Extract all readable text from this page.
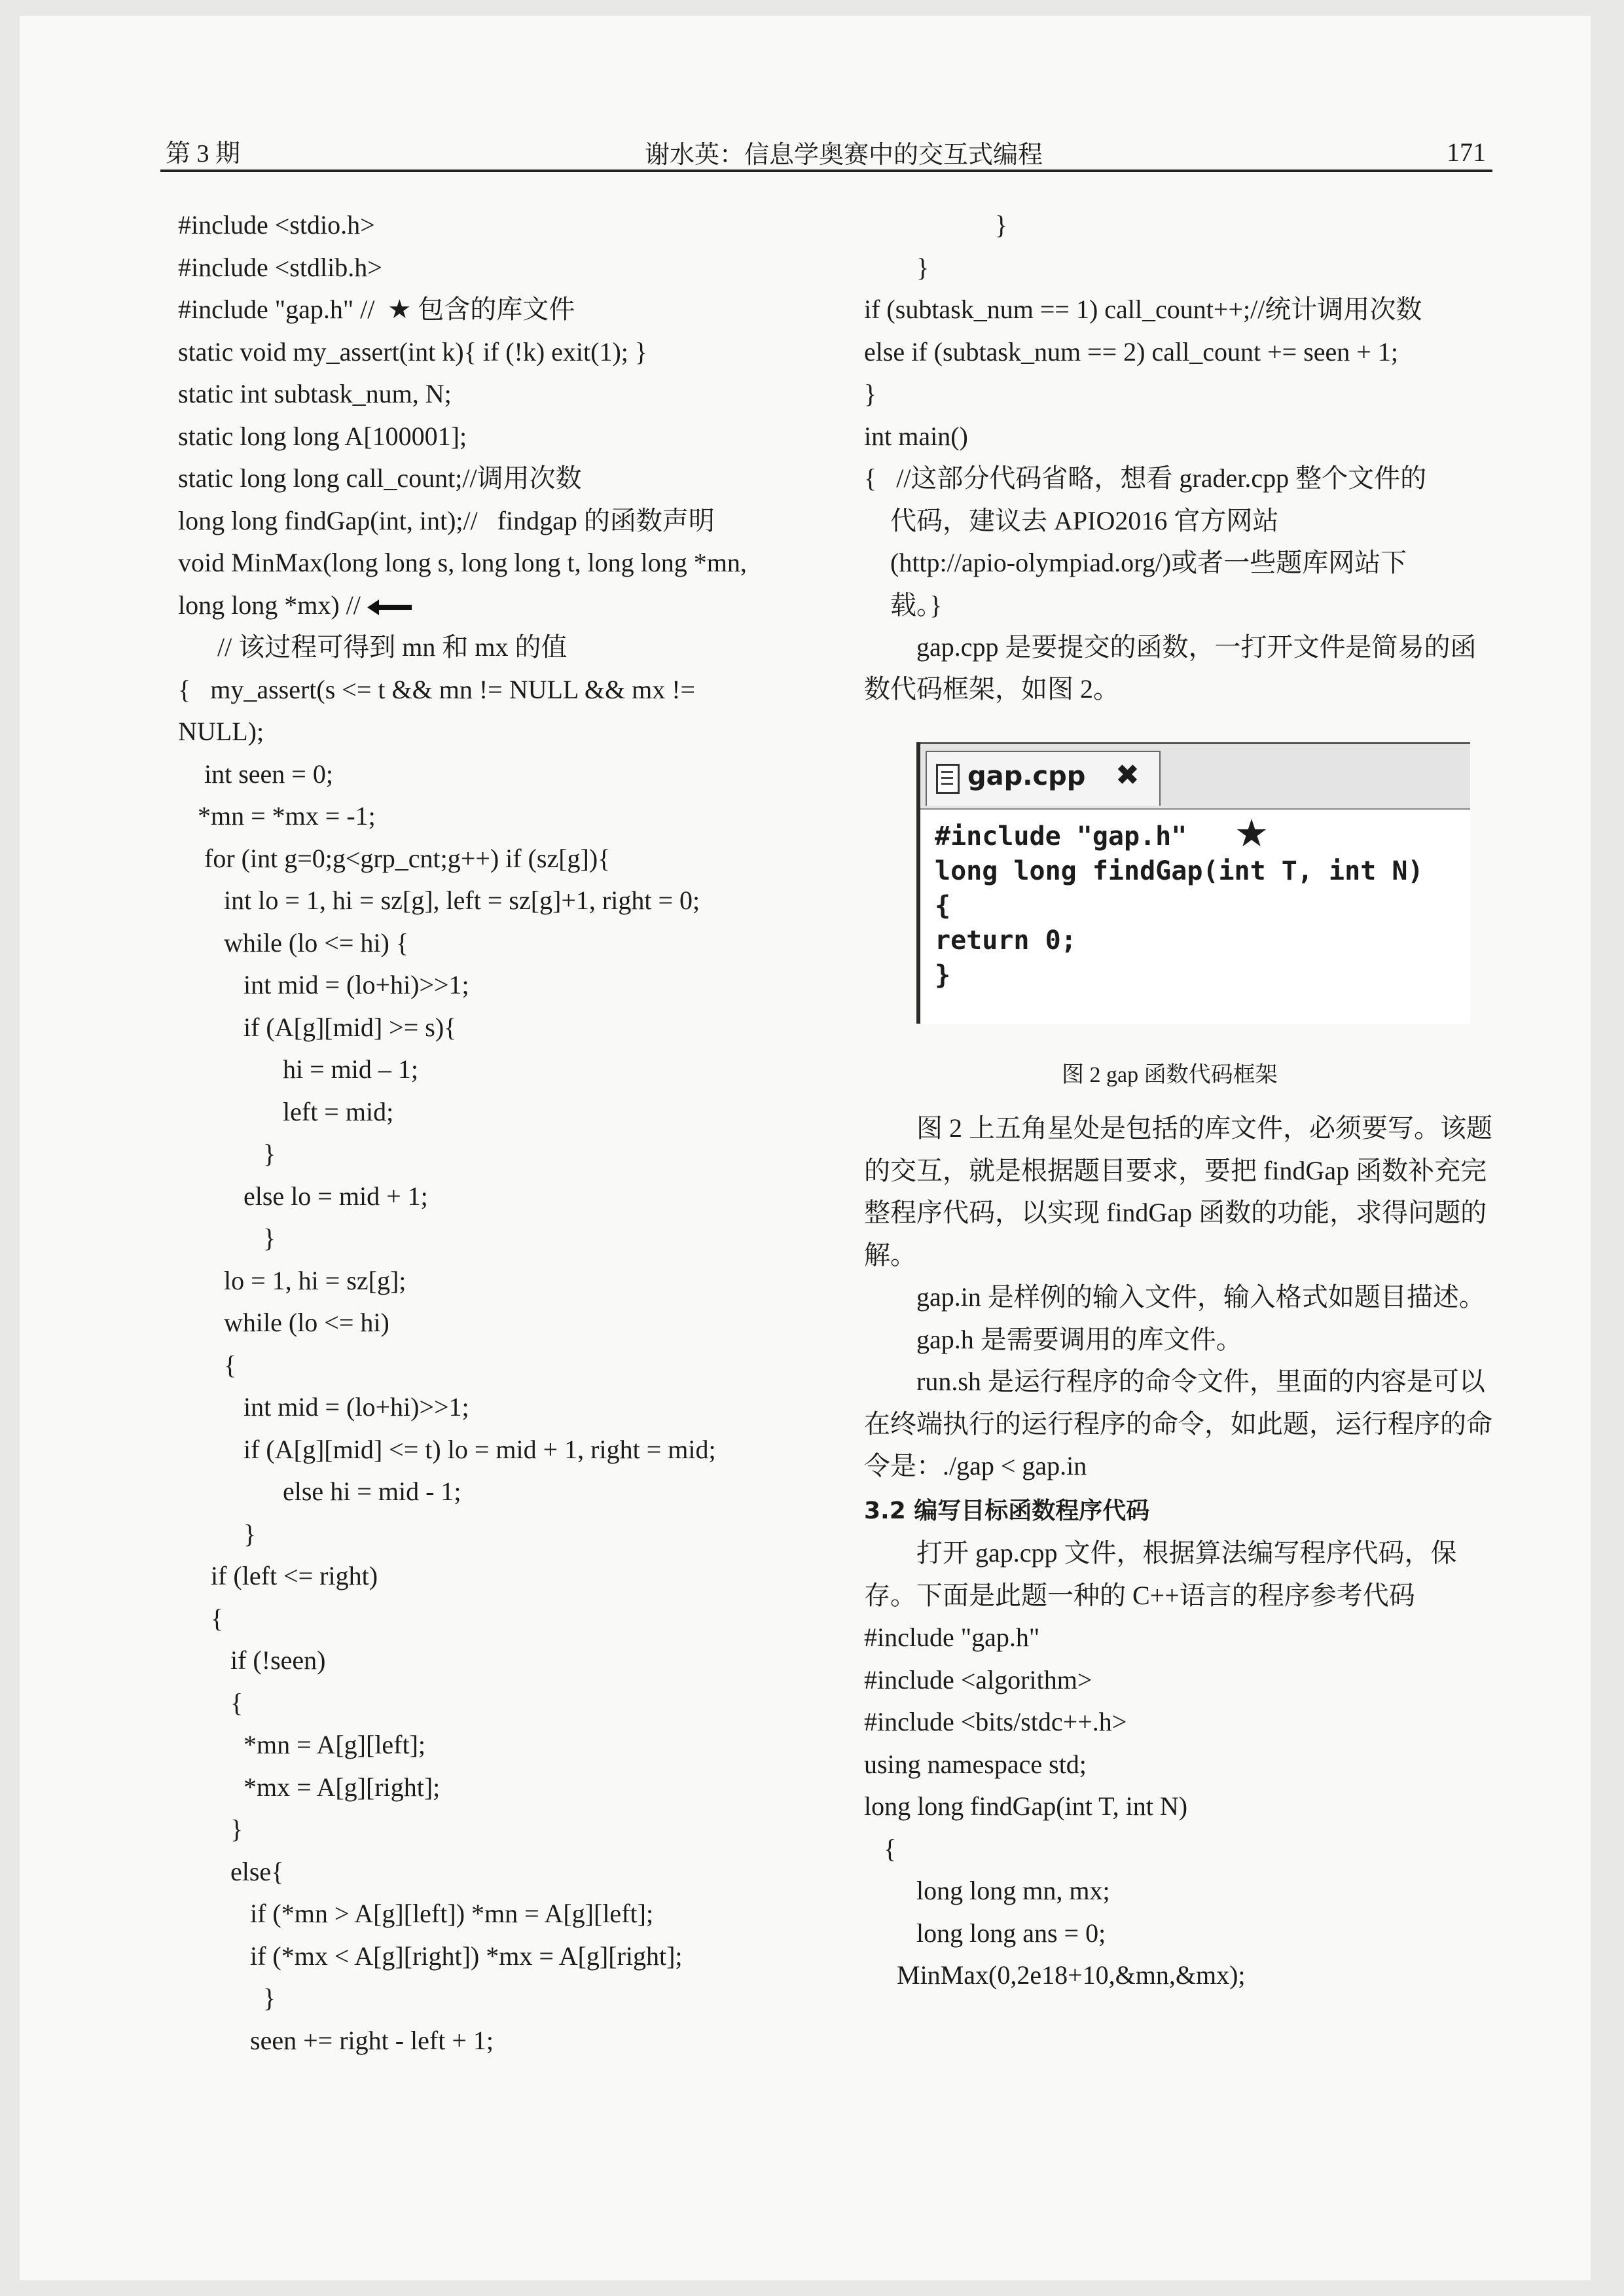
第 3 期	谢水英：信息学奥赛中的交互式编程	171
#include <stdio.h>
#include <stdlib.h>
#include "gap.h" //  ★ 包含的库文件
static void my_assert(int k){ if (!k) exit(1); }
static int subtask_num, N;
static long long A[100001];
static long long call_count;//调用次数
long long findGap(int, int);//   findgap 的函数声明
void MinMax(long long s, long long t, long long *mn,
long long *mx) //
// 该过程可得到 mn 和 mx 的值
{   my_assert(s <= t && mn != NULL && mx !=
NULL);
int seen = 0;
*mn = *mx = -1;
for (int g=0;g<grp_cnt;g++) if (sz[g]){
int lo = 1, hi = sz[g], left = sz[g]+1, right = 0;
while (lo <= hi) {
int mid = (lo+hi)>>1;
if (A[g][mid] >= s){
hi = mid – 1;
left = mid;
}
else lo = mid + 1;
}
lo = 1, hi = sz[g];
while (lo <= hi)
{
int mid = (lo+hi)>>1;
if (A[g][mid] <= t) lo = mid + 1, right = mid;
else hi = mid - 1;
}
if (left <= right)
{
if (!seen)
{
*mn = A[g][left];
*mx = A[g][right];
}
else{
if (*mn > A[g][left]) *mn = A[g][left];
if (*mx < A[g][right]) *mx = A[g][right];
}
seen += right - left + 1;
}
}
if (subtask_num == 1) call_count++;//统计调用次数
else if (subtask_num == 2) call_count += seen + 1;
}
int main()
{   //这部分代码省略，想看 grader.cpp 整个文件的
代码，建议去 APIO2016 官方网站
(http://apio-olympiad.org/)或者一些题库网站下
载。}
gap.cpp 是要提交的函数，一打开文件是简易的函数代码框架，如图 2。
gap.cpp ✖
#include "gap.h"
long long findGap(int T, int N)
{
return 0;
}
★
图 2 gap 函数代码框架
图 2 上五角星处是包括的库文件，必须要写。该题的交互，就是根据题目要求，要把 findGap 函数补充完整程序代码，以实现 findGap 函数的功能，求得问题的解。
gap.in 是样例的输入文件，输入格式如题目描述。
gap.h 是需要调用的库文件。
run.sh 是运行程序的命令文件，里面的内容是可以在终端执行的运行程序的命令，如此题，运行程序的命令是：./gap < gap.in
3.2 编写目标函数程序代码
打开 gap.cpp 文件，根据算法编写程序代码，保存。下面是此题一种的 C++语言的程序参考代码
#include "gap.h"
#include <algorithm>
#include <bits/stdc++.h>
using namespace std;
long long findGap(int T, int N)
{
long long mn, mx;
long long ans = 0;
MinMax(0,2e18+10,&mn,&mx);
